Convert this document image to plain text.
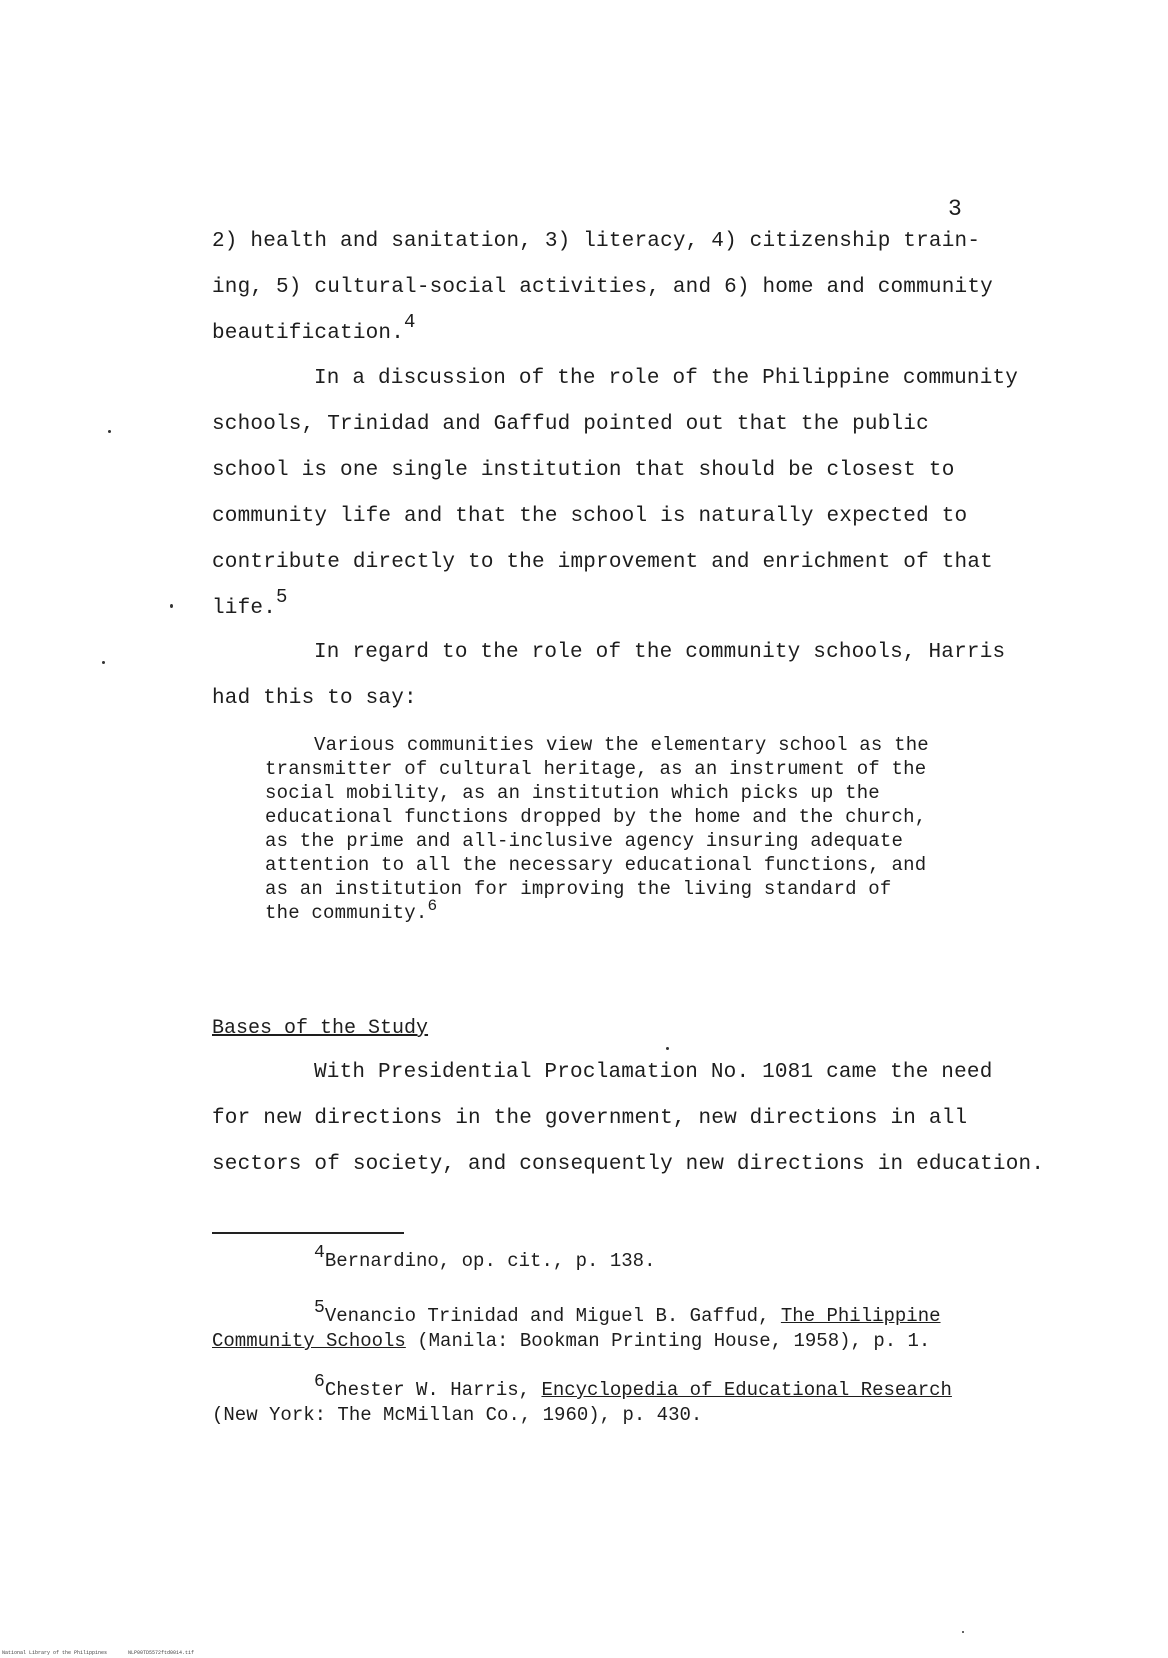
3
2) health and sanitation, 3) literacy, 4) citizenship train-
ing, 5) cultural-social activities, and 6) home and community
beautification.$^4$
In a discussion of the role of the Philippine community
schools, Trinidad and Gaffud pointed out that the public
school is one single institution that should be closest to
community life and that the school is naturally expected to
contribute directly to the improvement and enrichment of that
life.$^5$
In regard to the role of the community schools, Harris
had this to say:
Various communities view the elementary school as the
transmitter of cultural heritage, as an instrument of the
social mobility, as an institution which picks up the
educational functions dropped by the home and the church,
as the prime and all-inclusive agency insuring adequate
attention to all the necessary educational functions, and
as an institution for improving the living standard of
the community.$^6$
Bases of the Study
With Presidential Proclamation No. 1081 came the need
for new directions in the government, new directions in all
sectors of society, and consequently new directions in education.
$^4$Bernardino, op. cit., p. 138.
$^5$Venancio Trinidad and Miguel B. Gaffud, The Philippine
Community Schools (Manila: Bookman Printing House, 1958), p. 1.
$^6$Chester W. Harris, Encyclopedia of Educational Research
(New York: The McMillan Co., 1960), p. 430.
National Library of the Philippines	NLP00TD5572ftd0014.tif
